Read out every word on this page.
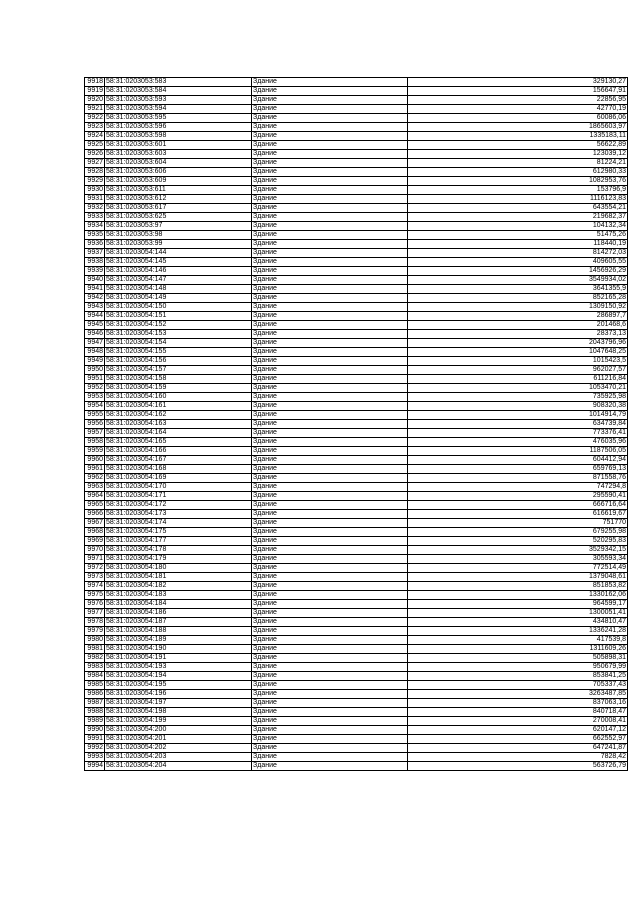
9918	58:31:0203053:583	Здание	329130,27
9919	58:31:0203053:584	Здание	156647,91
9920	58:31:0203053:593	Здание	22856,95
9921	58:31:0203053:594	Здание	42770,19
9922	58:31:0203053:595	Здание	60086,06
9923	58:31:0203053:596	Здание	1865603,97
9924	58:31:0203053:598	Здание	1335183,11
9925	58:31:0203053:601	Здание	56622,89
9926	58:31:0203053:603	Здание	123039,12
9927	58:31:0203053:604	Здание	81224,21
9928	58:31:0203053:606	Здание	612980,33
9929	58:31:0203053:609	Здание	1082953,76
9930	58:31:0203053:611	Здание	153796,9
9931	58:31:0203053:612	Здание	1116123,83
9932	58:31:0203053:617	Здание	643554,21
9933	58:31:0203053:625	Здание	219682,37
9934	58:31:0203053:97	Здание	104132,34
9935	58:31:0203053:98	Здание	51475,26
9936	58:31:0203053:99	Здание	118440,19
9937	58:31:0203054:144	Здание	814272,03
9938	58:31:0203054:145	Здание	409605,55
9939	58:31:0203054:146	Здание	1456926,29
9940	58:31:0203054:147	Здание	3549934,02
9941	58:31:0203054:148	Здание	3641355,9
9942	58:31:0203054:149	Здание	852165,28
9943	58:31:0203054:150	Здание	1309150,92
9944	58:31:0203054:151	Здание	286897,7
9945	58:31:0203054:152	Здание	201468,6
9946	58:31:0203054:153	Здание	28373,13
9947	58:31:0203054:154	Здание	2043796,96
9948	58:31:0203054:155	Здание	1047648,25
9949	58:31:0203054:156	Здание	1015423,5
9950	58:31:0203054:157	Здание	962027,57
9951	58:31:0203054:158	Здание	611216,84
9952	58:31:0203054:159	Здание	1053470,21
9953	58:31:0203054:160	Здание	735925,98
9954	58:31:0203054:161	Здание	908320,38
9955	58:31:0203054:162	Здание	1014914,79
9956	58:31:0203054:163	Здание	634739,84
9957	58:31:0203054:164	Здание	773376,41
9958	58:31:0203054:165	Здание	476035,96
9959	58:31:0203054:166	Здание	1187506,05
9960	58:31:0203054:167	Здание	604412,94
9961	58:31:0203054:168	Здание	659769,13
9962	58:31:0203054:169	Здание	871558,76
9963	58:31:0203054:170	Здание	747294,8
9964	58:31:0203054:171	Здание	295590,41
9965	58:31:0203054:172	Здание	666716,64
9966	58:31:0203054:173	Здание	616619,67
9967	58:31:0203054:174	Здание	751770
9968	58:31:0203054:175	Здание	679255,98
9969	58:31:0203054:177	Здание	520295,83
9970	58:31:0203054:178	Здание	3529342,15
9971	58:31:0203054:179	Здание	305593,34
9972	58:31:0203054:180	Здание	772514,49
9973	58:31:0203054:181	Здание	1379048,61
9974	58:31:0203054:182	Здание	851853,82
9975	58:31:0203054:183	Здание	1330162,06
9976	58:31:0203054:184	Здание	964599,17
9977	58:31:0203054:186	Здание	1300051,41
9978	58:31:0203054:187	Здание	434810,47
9979	58:31:0203054:188	Здание	1336241,28
9980	58:31:0203054:189	Здание	417539,8
9981	58:31:0203054:190	Здание	1311609,26
9982	58:31:0203054:191	Здание	505898,31
9983	58:31:0203054:193	Здание	950679,99
9984	58:31:0203054:194	Здание	853841,25
9985	58:31:0203054:195	Здание	705337,43
9986	58:31:0203054:196	Здание	3263487,85
9987	58:31:0203054:197	Здание	837063,16
9988	58:31:0203054:198	Здание	840718,47
9989	58:31:0203054:199	Здание	270008,41
9990	58:31:0203054:200	Здание	620147,12
9991	58:31:0203054:201	Здание	662552,97
9992	58:31:0203054:202	Здание	647241,87
9993	58:31:0203054:203	Здание	7828,42
9994	58:31:0203054:204	Здание	563726,79
